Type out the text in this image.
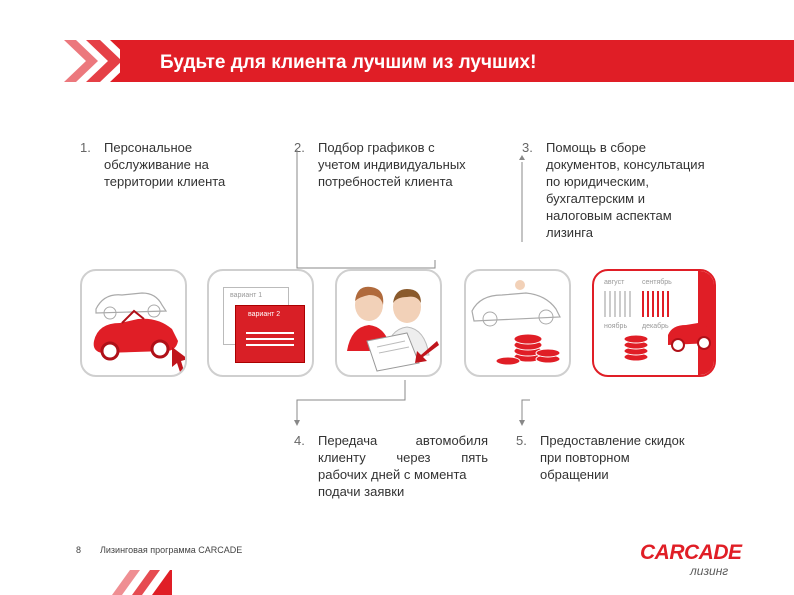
Будьте для клиента лучшим из лучших!
1. Персональное
обслуживание на
территории клиента
2. Подбор графиков с
учетом индивидуальных
потребностей клиента
3. Помощь в сборе
документов, консультация
по юридическим,
бухгалтерским и
налоговым аспектам
лизинга
вариант 1
вариант 2
август	сентябрь
ноябрь декабрь
4. Передача автомобиля
клиенту через пять
рабочих дней с момента
подачи заявки
5. Предоставление скидок
при повторном
обращении
8 Лизинговая программа CARCADE	CARCADE
лизинг
